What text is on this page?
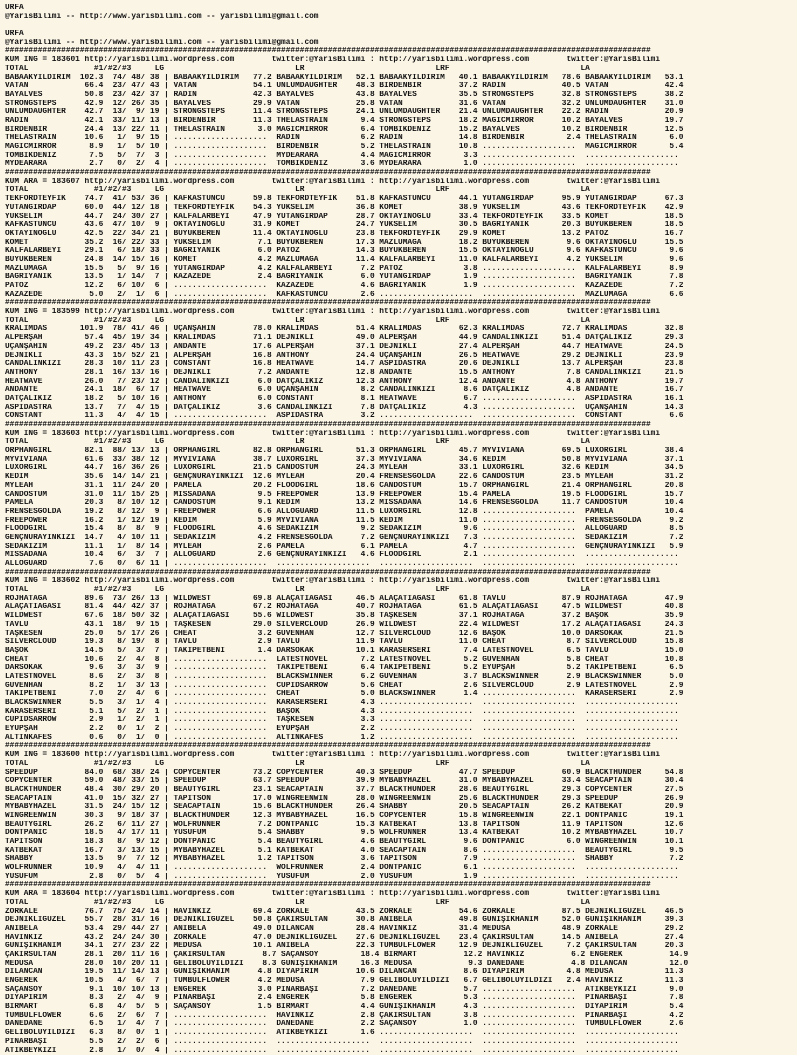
URFA
@YarisBilimi -- http://www.yarisbilimi.com -- yarisbilimi@gmail.com
URFA
@YarisBilimi -- http://www.yarisbilimi.com -- yarisbilimi@gmail.com
##########################################################################################################################################
KUM ING = 183601 http://yarisbilimi.wordpress.com        twitter:@YarisBilimi : http://yarisbilimi.wordpress.com        twitter:@YarisBilimi
TOTAL              #1/#2/#3     LG                            LR                            LRF                            LA
BABAAKYILDIRIM  102.3  74/ 48/ 38 | BABAAKYILDIRIM   77.2 BABAAKYILDIRIM   52.1 BABAAKYILDIRIM   40.1 BABAAKYILDIRIM   78.6 BABAAKYILDIRIM   53.1
VATAN            66.4  23/ 47/ 43 | VATAN            54.1 ÜNLÜMDAUGHTER    48.3 BIRDENBIR        37.2 RADİN            40.5 VATAN            42.4
BAYALVES         50.8  23/ 42/ 37 | RADİN            42.3 BAYALVES         43.8 BAYALVES         35.5 STRONGSTEPS      32.8 STRONGSTEPS      38.2
STRONGSTEPS      42.9  12/ 26/ 35 | BAYALVES         29.9 VATAN            25.8 VATAN            31.6 VATAN            32.2 ÜNLÜMDAUGHTER    31.0
ÜNLÜMDAUGHTER    42.7  13/  9/ 19 | STRONGSTEPS      11.4 STRONGSTEPS      24.1 ÜNLÜMDAUGHTER    21.4 ÜNLÜMDAUGHTER    22.2 RADİN            20.9
RADİN            42.1  33/ 11/ 13 | BIRDENBIR        11.3 THELASTRAIN       9.4 STRONGSTEPS      18.2 MAGICMIRROR      10.2 BAYALVES         19.7
BIRDENBIR        24.4  13/ 22/ 11 | THELASTRAIN       3.0 MAGICMIRROR       6.4 TOMBIKDENIZ      15.2 BAYALVES         10.2 BIRDENBIR        12.5
THELASTRAIN      10.6   1/  9/ 15 | ....................  RADİN             6.2 RADİN            14.8 BIRDENBIR         2.4 THELASTRAIN       6.0
MAGICMIRROR       8.9   1/  5/ 10 | ....................  BIRDENBIR         5.2 THELASTRAIN      10.8 ....................  MAGICMIRROR       5.4
TOMBIKDENIZ       7.5   5/  7/  3 | ....................  MYDEARARA         4.4 MAGICMIRROR       3.3 ....................  ....................
MYDEARARA         2.7   0/  2/  4 | ....................  TOMBIKDENIZ       3.6 MYDEARARA         1.0 ....................  ....................
##########################################################################################################################################
KUM ARA = 183607 http://yarisbilimi.wordpress.com        twitter:@YarisBilimi : http://yarisbilimi.wordpress.com        twitter:@YarisBilimi
TOTAL              #1/#2/#3     LG                            LR                            LRF                            LA
TEKFORDTEYFİK    74.7  41/ 53/ 36 | KAFKASTUNCU      59.8 TEKFORDTEYFİK    51.8 KAFKASTUNCU      44.1 YUTANGİRDAP      95.9 YUTANGİRDAP      67.3
YUTANGİRDAP      60.0  44/ 12/ 18 | TEKFORDTEYFİK    54.3 YÜKSELİM         36.8 KOMET            38.9 YÜKSELİM         43.6 TEKFORDTEYFİK    42.9
YÜKSELİM         44.7  24/ 30/ 27 | KALFALARBEYİ     47.9 YUTANGİRDAP      28.7 OKTAYINOĞLU      33.4 TEKFORDTEYFİK    33.5 KOMET            18.5
KAFKASTUNCU      43.6  47/ 10/  9 | OKTAYINOĞLU      31.9 KOMET            24.7 YÜKSELİM         30.5 BAĞRIYANIK       20.3 BUYUKBEREN       18.5
OKTAYINOĞLU      42.5  22/ 34/ 21 | BUYUKBEREN       11.4 OKTAYINOĞLU      23.8 TEKFORDTEYFİK    29.9 KOMET            13.2 PATOZ            16.7
KOMET            35.2  16/ 22/ 33 | YÜKSELİM          7.1 BUYUKBEREN       17.3 MAZLUMAĞA        18.2 BUYUKBEREN        9.6 OKTAYINOĞLU      15.5
KALFALARBEYİ     29.1   6/ 18/ 33 | BAĞRIYANIK        6.0 PATOZ            14.3 BUYUKBEREN       15.5 OKTAYINOĞLU       9.6 KAFKASTUNCU       9.6
BUYUKBEREN       24.8  14/ 15/ 16 | KOMET             4.2 MAZLUMAĞA        11.4 KALFALARBEYİ     11.0 KALFALARBEYİ      4.2 YÜKSELİM          9.6
MAZLUMAĞA        15.5   5/  9/ 16 | YUTANGİRDAP       4.2 KALFALARBEYİ      7.2 PATOZ             3.8 ....................  KALFALARBEYİ      8.9
BAĞRIYANIK       13.5   1/ 14/  7 | KAZAZEDE          2.4 BAĞRIYANIK        6.0 YUTANGİRDAP       1.9 ....................  BAĞRIYANIK        7.8
PATOZ            12.2   6/ 10/  6 | ....................  KAZAZEDE          4.6 BAĞRIYANIK        1.9 ....................  KAZAZEDE          7.2
KAZAZEDE          5.0   2/  1/  6 | ....................  KAFKASTUNCU       2.6 ....................  ....................  MAZLUMAĞA         6.6
##########################################################################################################################################
KUM ING = 183599 http://yarisbilimi.wordpress.com        twitter:@YarisBilimi : http://yarisbilimi.wordpress.com        twitter:@YarisBilimi
TOTAL              #1/#2/#3     LG                            LR                            LRF                            LA
KRALIMDAS       101.9  78/ 41/ 46 | UÇANŞAHİN        78.0 KRALIMDAS        51.4 KRALIMDAS        62.3 KRALIMDAS        72.7 KRALIMDAS        32.8
ALPERŞAH         57.4  45/ 19/ 34 | KRALIMDAS        71.1 DEJNİKLİ         49.0 ALPERŞAH         44.9 CANDALINKIZI     51.4 DATÇALIKIZ       29.3
UÇANŞAHİN        49.2  23/ 45/ 13 | ANDANTE          17.6 ALPERŞAH         37.1 DEJNİKLİ         27.4 ALPERŞAH         44.7 HEATWAVE         24.5
DEJNİKLİ         43.3  15/ 52/ 21 | ALPERŞAH         16.8 ANTHONY          24.4 UÇANŞAHİN        26.5 HEATWAVE         29.2 DEJNİKLİ         23.9
CANDALINKIZI     28.3  10/ 11/ 23 | CONSTANT         16.8 HEATWAVE         14.7 ASPİDASTRA       20.6 DEJNİKLİ         13.7 ALPERŞAH         23.8
ANTHONY          28.1  16/ 13/ 16 | DEJNİKLİ          7.2 ANDANTE          12.8 ANDANTE          15.5 ANTHONY           7.8 CANDALINKIZI     21.5
HEATWAVE         26.0   7/ 23/ 12 | CANDALINKIZI      6.0 DATÇALIKIZ       12.3 ANTHONY          12.4 ANDANTE           4.8 ANTHONY          19.7
ANDANTE          24.1  18/  6/ 17 | HEATWAVE          6.0 UÇANŞAHİN         8.2 CANDALINKIZI      8.6 DATÇALIKIZ        4.8 ANDANTE          16.7
DATÇALIKIZ       18.2   5/ 10/ 16 | ANTHONY           6.0 CONSTANT          8.1 HEATWAVE          6.7 ....................  ASPİDASTRA       16.1
ASPİDASTRA       13.7   7/  4/ 15 | DATÇALIKIZ        3.6 CANDALINKIZI      7.8 DATÇALIKIZ        4.3 ....................  UÇANŞAHİN        14.3
CONSTANT         11.3   4/  4/ 15 | ....................  ASPİDASTRA        3.2 ....................  ....................  CONSTANT          6.6
##########################################################################################################################################
KUM ING = 183603 http://yarisbilimi.wordpress.com        twitter:@YarisBilimi : http://yarisbilimi.wordpress.com        twitter:@YarisBilimi
TOTAL              #1/#2/#3     LG                            LR                            LRF                            LA
ORPHANGIRL       82.1  88/ 13/ 13 | ORPHANGIRL       82.8 ORPHANGIRL       51.3 ORPHANGIRL       45.7 MYVIVIANA        69.5 LUXORGIRL        38.4
MYVIVIANA        61.6  33/ 38/ 12 | MYVIVIANA        38.7 LUXORGIRL        37.3 MYVIVIANA        34.6 KEDİM            50.8 MYVIVIANA        37.1
LUXORGIRL        44.7  16/ 36/ 26 | LUXORGIRL        21.5 CANDOSTUM        24.3 MYLEAH           33.1 LUXORGIRL        32.6 KEDİM            34.5
KEDİM            35.6  14/ 14/ 21 | GENÇNURAYINKIZI  12.6 MYLEAH           20.4 FRENSESGOLDA     22.6 CANDOSTUM        23.5 MYLEAH           31.2
MYLEAH           31.1  11/ 24/ 20 | PAMELA           20.2 FLOODGIRL        18.6 CANDOSTUM        15.7 ORPHANGIRL       21.4 ORPHANGIRL       20.8
CANDOSTUM        31.0  11/ 15/ 25 | MISSADANA         9.5 FREEPOWER        13.9 FREEPOWER        15.4 PAMELA           19.5 FLOODGIRL        15.7
PAMELA           20.3   8/ 10/ 12 | CANDOSTUM         9.1 KEDİM            13.2 MISSADANA        14.6 FRENSESGOLDA     11.7 CANDOSTUM        10.4
FRENSESGOLDA     19.2   8/ 12/  9 | FREEPOWER         6.6 ALLOGUARD        11.5 LUXORGIRL        12.8 ....................  PAMELA           10.4
FREEPOWER        16.2   1/ 12/ 19 | KEDİM             5.9 MYVIVIANA        11.5 KEDİM            11.0 ....................  FRENSESGOLDA      9.2
FLOODGIRL        15.4   8/  8/  9 | FLOODGIRL         4.6 SEDAKIZIM         9.2 SEDAKIZIM         9.6 ....................  ALLOGUARD         8.5
GENÇNURAYINKIZI  14.7   4/ 10/ 11 | SEDAKIZIM         4.2 FRENSESGOLDA      7.2 GENÇNURAYINKIZI   7.3 ....................  SEDAKIZIM         7.2
SEDAKIZIM        11.1   1/  8/ 14 | MYLEAH            2.6 PAMELA            6.1 PAMELA            4.7 ....................  GENÇNURAYINKIZI   5.9
MISSADANA        10.4   6/  3/  7 | ALLOGUARD         2.6 GENÇNURAYINKIZI   4.6 FLOODGIRL         2.1 ....................  ....................
ALLOGUARD         7.6   0/  6/ 11 | ....................  ....................  ....................  ....................  ....................
##########################################################################################################################################
KUM ING = 183602 http://yarisbilimi.wordpress.com        twitter:@YarisBilimi : http://yarisbilimi.wordpress.com        twitter:@YarisBilimi
TOTAL              #1/#2/#3     LG                            LR                            LRF                            LA
ROJHATAĞA        89.6  73/ 26/ 13 | WILDWEST         69.8 ALAÇATIAĞASI     46.5 ALAÇATIAĞASI     61.8 TAVLU            87.9 ROJHATAĞA        47.9
ALAÇATIAĞASI     81.4  44/ 42/ 37 | ROJHATAĞA        67.2 ROJHATAĞA        40.7 ROJHATAĞA        61.5 ALAÇATIAĞASI     47.5 WILDWEST         40.8
WILDWEST         67.6  18/ 50/ 32 | ALAÇATIAĞASI     55.6 WILDWEST         35.8 TAŞKESEN         37.1 ROJHATAĞA        37.2 BAŞOK            35.9
TAVLU            43.1  18/  9/ 15 | TAŞKESEN         29.0 SILVERCLOUD      26.9 WILDWEST         22.4 WILDWEST         17.2 ALAÇATIAĞASI     24.3
TAŞKESEN         25.0   5/ 17/ 26 | CHEAT             3.2 GÜVENHAN         12.7 SILVERCLOUD      12.6 BAŞOK            10.0 DARSOKAK         21.5
SILVERCLOUD      19.3   8/ 19/  8 | TAVLU             2.9 TAVLU            11.9 TAVLU            11.0 CHEAT             8.7 SILVERCLOUD      15.8
BAŞOK            14.5   5/  3/  7 | TAKIPETBENİ       1.4 DARSOKAK         10.1 KARASERSERİ       7.4 LATESTNOVEL       6.5 TAVLU            15.0
CHEAT            10.6   2/  4/  8 | ....................  LATESTNOVEL       7.2 LATESTNOVEL       5.2 GÜVENHAN          5.8 CHEAT            10.8
DARSOKAK          9.6   3/  3/  9 | ....................  TAKIPETBENİ       6.4 TAKIPETBENİ       5.2 EYÜPŞAH           5.2 TAKIPETBENİ       6.5
LATESTNOVEL       8.6   2/  3/  8 | ....................  BLACKSWINNER      6.2 GÜVENHAN          3.7 BLACKSWINNER      2.9 BLACKSWINNER      5.0
GÜVENHAN          8.2   1/  3/ 13 | ....................  CUPIDSARROW       5.6 CHEAT             2.6 SILVERCLOUD       2.9 LATESTNOVEL       2.9
TAKIPETBENİ       7.0   2/  4/  6 | ....................  CHEAT             5.0 BLACKSWINNER      1.4 ....................  KARASERSERİ       2.9
BLACKSWINNER      5.5   3/  1/  4 | ....................  KARASERSERİ       4.3 ....................  ....................  ....................
KARASERSERİ       5.1   5/  2/  1 | ....................  BAŞOK             4.3 ....................  ....................  ....................
CUPIDSARROW       2.9   1/  2/  1 | ....................  TAŞKESEN          3.3 ....................  ....................  ....................
EYÜPŞAH           2.2   0/  1/  2 | ....................  EYÜPŞAH           2.2 ....................  ....................  ....................
ALTINKAFES        0.6   0/  1/  0 | ....................  ALTINKAFES        1.2 ....................  ....................  ....................
##########################################################################################################################################
KUM ING = 183600 http://yarisbilimi.wordpress.com        twitter:@YarisBilimi : http://yarisbilimi.wordpress.com        twitter:@YarisBilimi
TOTAL              #1/#2/#3     LG                            LR                            LRF                            LA
SPEEDUP          84.0  68/ 38/ 24 | COPYCENTER       73.2 COPYCENTER       40.3 SPEEDUP          47.7 SPEEDUP          60.9 BLACKTHUNDER     54.8
COPYCENTER       59.0  48/ 33/ 15 | SPEEDUP          63.7 SPEEDUP          39.9 MYBABYHAZEL      31.0 MYBABYHAZEL      33.4 SEACAPTAIN       30.4
BLACKTHUNDER     48.4  30/ 29/ 20 | BEAUTYGIRL       23.1 SEACAPTAIN       37.7 BLACKTHUNDER     28.6 BEAUTYGIRL       29.3 COPYCENTER       27.5
SEACAPTAIN       41.0  15/ 32/ 27 | TAPITSON         17.0 WINGREENWIN      28.0 WINGREENWIN      25.6 BLACKTHUNDER     29.3 SPEEDUP          26.9
MYBABYHAZEL      31.5  24/ 15/ 12 | SEACAPTAIN       15.6 BLACKTHUNDER     26.4 SHABBY           20.5 SEACAPTAIN       26.2 KATBEKAT         20.9
WINGREENWIN      30.3   9/ 18/ 37 | BLACKTHUNDER     12.3 MYBABYHAZEL      16.5 COPYCENTER       15.8 WINGREENWIN      22.1 DONTPANIC        19.1
BEAUTYGIRL       26.2   6/ 11/ 27 | WOLFRUNNER        7.2 DONTPANIC        15.3 KATBEKAT         13.8 TAPITSON         11.9 TAPITSON         12.6
DONTPANIC        18.5   4/ 17/ 11 | YUSUFUM           5.4 SHABBY            9.5 WOLFRUNNER       13.4 KATBEKAT         10.2 MYBABYHAZEL      10.7
TAPITSON         18.3   8/  9/ 12 | DONTPANIC         5.4 BEAUTYGIRL        4.6 BEAUTYGIRL        9.6 DONTPANIC         6.0 WINGREENWIN      10.1
KATBEKAT         16.7   3/ 13/ 15 | MYBABYHAZEL       5.1 KATBEKAT          4.0 SEACAPTAIN        8.6 ....................  BEAUTYGIRL        9.5
SHABBY           13.5   9/  7/ 12 | MYBABYHAZEL       1.2 TAPITSON          3.6 TAPITSON          7.9 ....................  SHABBY            7.2
WOLFRUNNER       10.9   4/  4/ 11 | ....................  WOLFRUNNER        2.4 DONTPANIC         6.1 ....................  ....................
YUSUFUM           2.8   0/  5/  4 | ....................  YUSUFUM           2.0 YUSUFUM           1.9 ....................  ....................
##########################################################################################################################################
KUM ARA = 183604 http://yarisbilimi.wordpress.com        twitter:@YarisBilimi : http://yarisbilimi.wordpress.com        twitter:@YarisBilimi
TOTAL              #1/#2/#3     LG                            LR                            LRF                            LA
ZORKALE          76.7  75/ 24/ 14 | HAVİNKIZ         69.4 ZORKALE          43.5 ZORKALE          54.6 ZORKALE          87.5 DEJNİKLİGÜZEL    46.5
DEJNİKLİGÜZEL    55.7  28/ 31/ 16 | DEJNİKLİGÜZEL    50.8 ÇAKIRSULTAN      30.8 ANIBELA          49.8 GÜNIŞIKHANIM     52.0 GÜNIŞIKHANIM     39.3
ANIBELA          53.4  29/ 44/ 27 | ANIBELA          49.0 DILANCAN         28.4 HAVİNKIZ         31.4 MEDUSA           48.9 ZORKALE          29.2
HAVİNKIZ         43.2  24/ 24/ 30 | ZORKALE          47.0 DEJNİKLİGÜZEL    27.6 DEJNİKLİGÜZEL    23.4 ÇAKIRSULTAN      14.5 ANIBELA          27.4
GÜNIŞIKHANIM     34.1  27/ 23/ 22 | MEDUSA           10.1 ANIBELA          22.3 TUMBULFLOWER     12.9 DEJNİKLİGÜZEL     7.2 ÇAKIRSULTAN      20.3
ÇAKIRSULTAN      28.1  20/ 11/ 16 | ÇAKIRSULTAN        8.7 SAÇANSOY         18.4 BIRMART          12.2 HAVİNKIZ          6.2 ENGEREK          14.9
MEDUSA           28.0  10/ 20/ 11 | GELİBOLUYILDIZI    8.3 GÜNIŞIKHANIM     16.3 MEDUSA            9.3 DANEDANE          4.8 DILANCAN         12.0
DILANCAN         19.5  11/ 14/ 13 | GÜNIŞIKHANIM      4.8 DİYAPİRİM        10.6 DILANCAN          8.6 DİYAPİRİM         4.8 MEDUSA           11.3
ENGEREK          10.5   4/  6/  7 | TUMBULFLOWER      4.2 MEDUSA            7.9 GELİBOLUYILDIZI   6.7 GELİBOLUYILDIZI   2.4 HAVİNKIZ         11.3
SAÇANSOY          9.1  10/ 10/ 13 | ENGEREK           3.0 PINARBAŞI         7.2 DANEDANE          5.7 ....................  ATİKBEYKIZI       9.0
DİYAPİRİM         8.3   2/  4/  9 | PINARBAŞI         2.4 ENGEREK           5.8 ENGEREK           5.3 ....................  PINARBAŞI         7.8
BIRMART           6.8   4/  5/  5 | SAÇANSOY          1.5 BIRMART           4.4 GÜNIŞIKHANIM      4.3 ....................  DİYAPİRİM         5.4
TUMBULFLOWER      6.6   2/  6/  7 | ....................  HAVİNKIZ          2.8 ÇAKIRSULTAN       3.8 ....................  PINARBAŞI         4.2
DANEDANE          6.5   1/  4/  7 | ....................  DANEDANE          2.2 SAÇANSOY          1.0 ....................  TUMBULFLOWER      2.6
GELİBOLUYILDIZI   6.3   8/  0/  1 | ....................  ATİKBEYKIZI       1.6 ....................  ....................  ....................
PINARBAŞI         5.5   2/  2/  6 | ....................  ....................  ....................  ....................  ....................
ATİKBEYKIZI       2.8   1/  0/  4 | ....................  ....................  ....................  ....................  ....................
